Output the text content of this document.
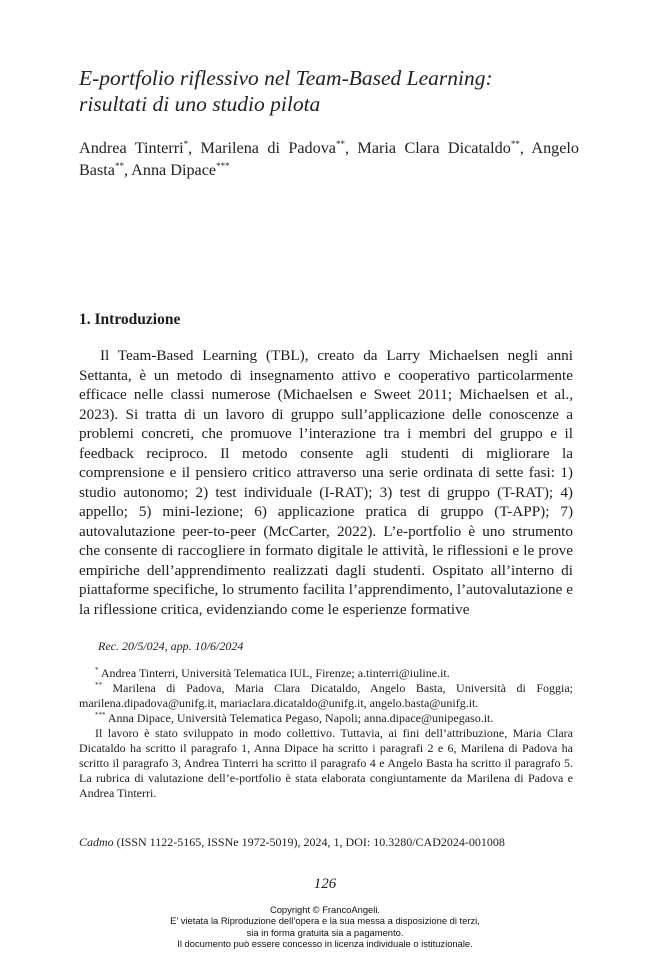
E-portfolio riflessivo nel Team-Based Learning:
risultati di uno studio pilota
Andrea Tinterri*, Marilena di Padova**, Maria Clara Dicataldo**, Angelo Basta**, Anna Dipace***
1. Introduzione

Il Team-Based Learning (TBL), creato da Larry Michaelsen negli anni Settanta, è un metodo di insegnamento attivo e cooperativo particolarmente efficace nelle classi numerose (Michaelsen e Sweet 2011; Michaelsen et al., 2023). Si tratta di un lavoro di gruppo sull’applicazione delle conoscenze a problemi concreti, che promuove l’interazione tra i membri del gruppo e il feedback reciproco. Il metodo consente agli studenti di migliorare la comprensione e il pensiero critico attraverso una serie ordinata di sette fasi: 1) studio autonomo; 2) test individuale (I-RAT); 3) test di gruppo (T-RAT); 4) appello; 5) mini-lezione; 6) applicazione pratica di gruppo (T-APP); 7) autovalutazione peer-to-peer (McCarter, 2022). L’e-portfolio è uno strumento che consente di raccogliere in formato digitale le attività, le riflessioni e le prove empiriche dell’apprendimento realizzati dagli studenti. Ospitato all’interno di piattaforme specifiche, lo strumento facilita l’apprendimento, l’autovalutazione e la riflessione critica, evidenziando come le esperienze formative

Rec. 20/5/024, app. 10/6/2024

* Andrea Tinterri, Università Telematica IUL, Firenze; a.tinterri@iuline.it.

** Marilena di Padova, Maria Clara Dicataldo, Angelo Basta, Università di Foggia; marilena.dipadova@unifg.it, mariaclara.dicataldo@unifg.it, angelo.basta@unifg.it.

*** Anna Dipace, Università Telematica Pegaso, Napoli; anna.dipace@unipegaso.it.

Il lavoro è stato sviluppato in modo collettivo. Tuttavia, ai fini dell’attribuzione, Maria Clara Dicataldo ha scritto il paragrafo 1, Anna Dipace ha scritto i paragrafi 2 e 6, Marilena di Padova ha scritto il paragrafo 3, Andrea Tinterri ha scritto il paragrafo 4 e Angelo Basta ha scritto il paragrafo 5. La rubrica di valutazione dell’e-portfolio è stata elaborata congiuntamente da Marilena di Padova e Andrea Tinterri.

Cadmo (ISSN 1122-5165, ISSNe 1972-5019), 2024, 1, DOI: 10.3280/CAD2024-001008
126
Copyright © FrancoAngeli.
E’ vietata la Riproduzione dell’opera e la sua messa a disposizione di terzi,
sia in forma gratuita sia a pagamento.
Il documento può essere concesso in licenza individuale o istituzionale.
